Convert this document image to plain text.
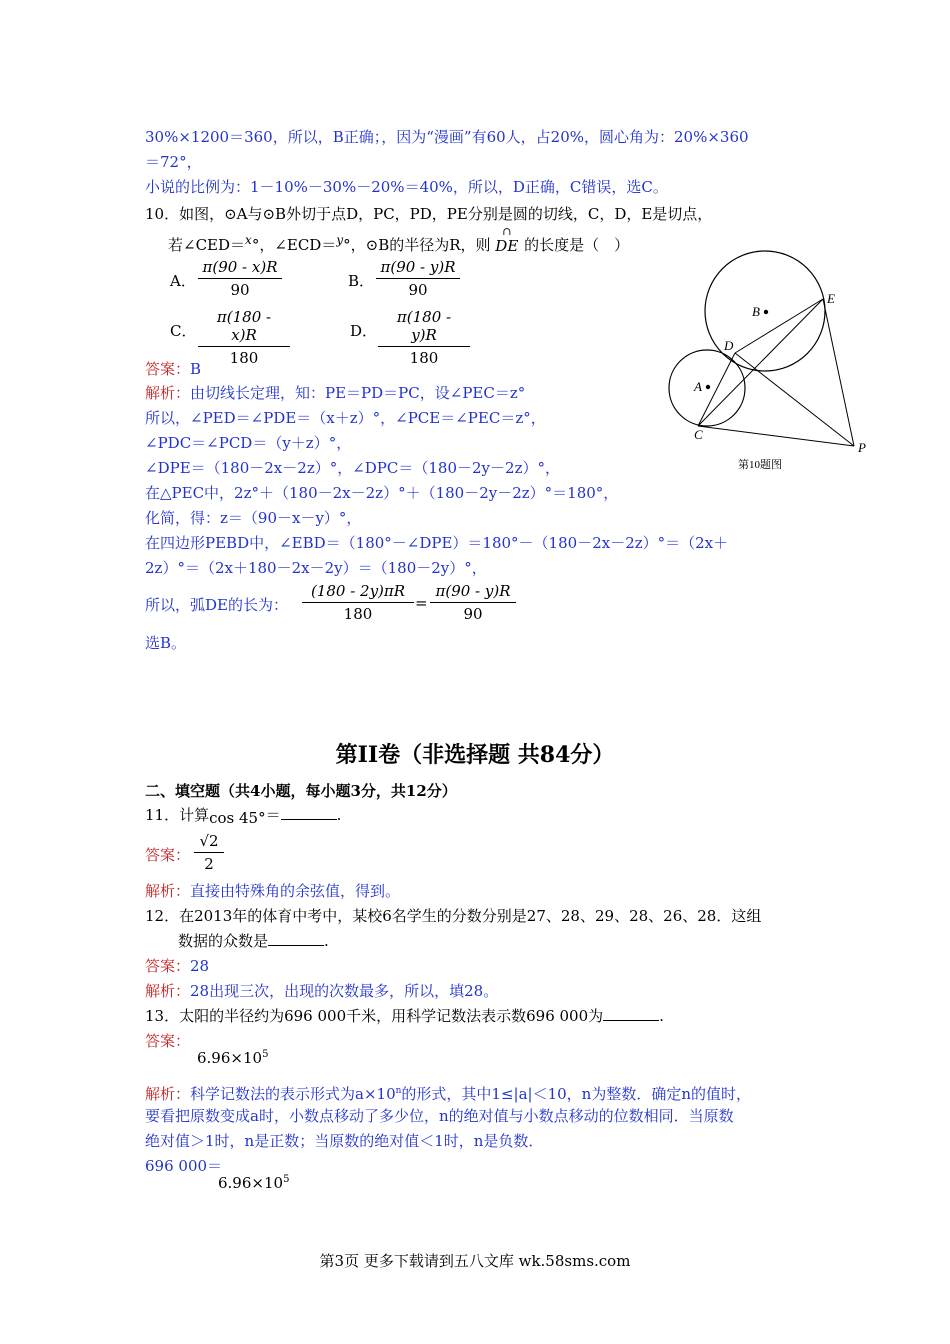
30%×1200＝360，所以，B正确；，因为“漫画”有60人，占20%，圆心角为：20%×360
＝72°，
小说的比例为：1－10%－30%－20%＝40%，所以，D正确，C错误，选C。
10．如图，⊙A与⊙B外切于点D，PC，PD，PE分别是圆的切线，C，D，E是切点，
若∠CED＝$^x$°，∠ECD＝$^y$°，⊙B的半径为R，则
∩
DE 的长度是（　）
A． $\frac{\pi(90 - x)R}{90}$	B． $\frac{\pi(90 - y)R}{90}$
C． $\frac{\pi(180 - x)R}{180}$	D． $\frac{\pi(180 - y)R}{180}$
答案：B
解析：由切线长定理，知：PE＝PD＝PC，设∠PEC＝z°
所以，∠PED＝∠PDE＝（x＋z）°，∠PCE＝∠PEC＝z°，
∠PDC＝∠PCD＝（y＋z）°，
∠DPE＝（180－2x－2z）°，∠DPC＝（180－2y－2z）°，
在△PEC中，2z°＋（180－2x－2z）°＋（180－2y－2z）°＝180°，
化简，得：z＝（90－x－y）°，
在四边形PEBD中，∠EBD＝（180°－∠DPE）＝180°－（180－2x－2z）°＝（2x＋
2z）°＝（2x＋180－2x－2y）＝（180－2y）°，
所以，弧DE的长为： $\frac{(180 - 2y)\pi R}{180} = \frac{\pi(90 - y)R}{90}$
选B。
B
E
D
A
C
P
第10题图
第II卷（非选择题 共84分）
二、填空题（共4小题，每小题3分，共12分）
11．计算cos 45°＝	.
答案： $\frac{√2}{2}$
解析：直接由特殊角的余弦值，得到。
12．在2013年的体育中考中，某校6名学生的分数分别是27、28、29、28、26、28．这组
数据的众数是	.
答案：28
解析：28出现三次，出现的次数最多，所以，填28。
13．太阳的半径约为696 000千米，用科学记数法表示数696 000为	.
答案：
$6.96\times 10^5$
解析：科学记数法的表示形式为$a\times 10^n$的形式，其中1≤|a|＜10，n为整数．确定n的值时，
要看把原数变成a时，小数点移动了多少位，n的绝对值与小数点移动的位数相同．当原数
绝对值＞1时，n是正数；当原数的绝对值＜1时，n是负数．
696 000＝
$6.96\times 10^5$
第3页 更多下载请到五八文库 wk.58sms.com
